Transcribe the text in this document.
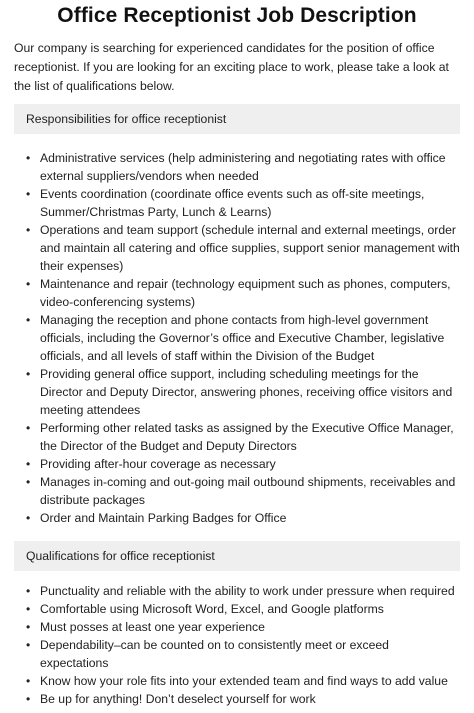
Office Receptionist Job Description

Our company is searching for experienced candidates for the position of office receptionist. If you are looking for an exciting place to work, please take a look at the list of qualifications below.

Responsibilities for office receptionist
• Administrative services (help administering and negotiating rates with office external suppliers/vendors when needed
• Events coordination (coordinate office events such as off-site meetings, Summer/Christmas Party, Lunch & Learns)
• Operations and team support (schedule internal and external meetings, order and maintain all catering and office supplies, support senior management with their expenses)
• Maintenance and repair (technology equipment such as phones, computers, video-conferencing systems)
• Managing the reception and phone contacts from high-level government officials, including the Governor’s office and Executive Chamber, legislative officials, and all levels of staff within the Division of the Budget
• Providing general office support, including scheduling meetings for the Director and Deputy Director, answering phones, receiving office visitors and meeting attendees
• Performing other related tasks as assigned by the Executive Office Manager, the Director of the Budget and Deputy Directors
• Providing after-hour coverage as necessary
• Manages in-coming and out-going mail outbound shipments, receivables and distribute packages
• Order and Maintain Parking Badges for Office
Qualifications for office receptionist
• Punctuality and reliable with the ability to work under pressure when required
• Comfortable using Microsoft Word, Excel, and Google platforms
• Must posses at least one year experience
• Dependability–can be counted on to consistently meet or exceed expectations
• Know how your role fits into your extended team and find ways to add value
• Be up for anything! Don’t deselect yourself for work
